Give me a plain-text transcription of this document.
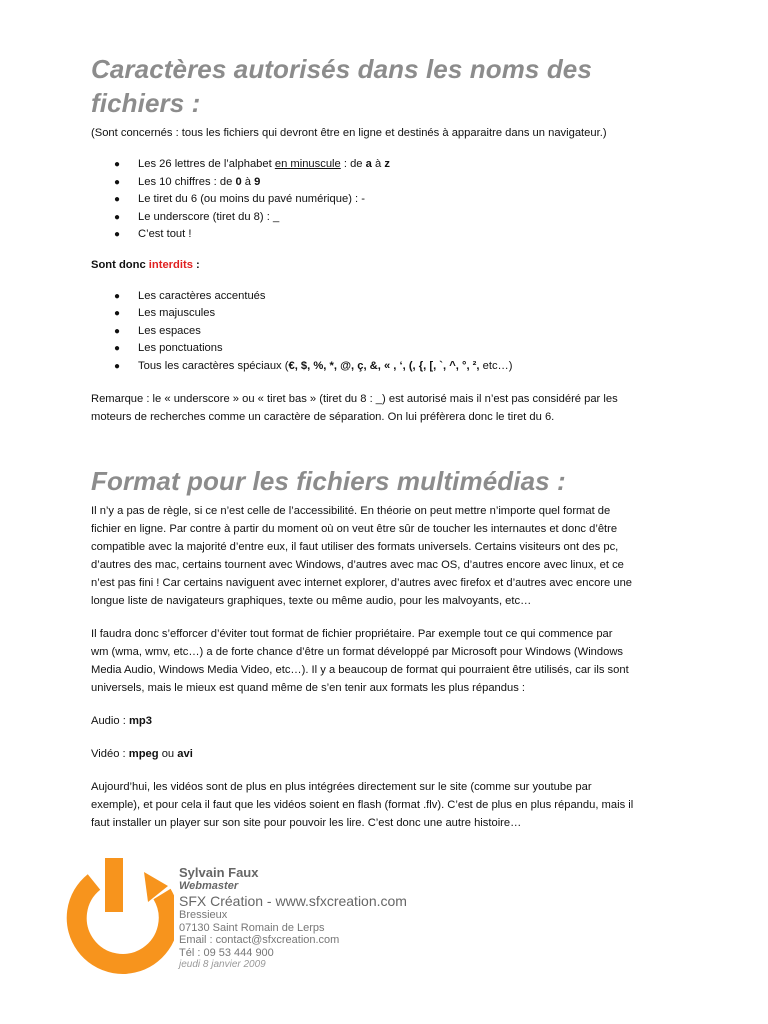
Caractères autorisés dans les noms des fichiers :

(Sont concernés : tous les fichiers qui devront être en ligne et destinés à apparaitre dans un navigateur.)

● Les 26 lettres de l’alphabet en minuscule : de a à z
● Les 10 chiffres : de 0 à 9
● Le tiret du 6 (ou moins du pavé numérique) : -
● Le underscore (tiret du 8) : _
● C’est tout !

Sont donc interdits :

● Les caractères accentués
● Les majuscules
● Les espaces
● Les ponctuations
● Tous les caractères spéciaux (€, $, %, *, @, ç, &, « , ‘, (, {, [, `, ^, °, ², etc…)

Remarque : le « underscore » ou « tiret bas » (tiret du 8 : _) est autorisé mais il n’est pas considéré par les
moteurs de recherches comme un caractère de séparation. On lui préfèrera donc le tiret du 6.

Format pour les fichiers multimédias :

Il n’y a pas de règle, si ce n’est celle de l’accessibilité. En théorie on peut mettre n’importe quel format de
fichier en ligne. Par contre à partir du moment où on veut être sûr de toucher les internautes et donc d’être
compatible avec la majorité d’entre eux, il faut utiliser des formats universels. Certains visiteurs ont des pc,
d’autres des mac, certains tournent avec Windows, d’autres avec mac OS, d’autres encore avec linux, et ce
n’est pas fini ! Car certains naviguent avec internet explorer, d’autres avec firefox et d’autres avec encore une
longue liste de navigateurs graphiques, texte ou même audio, pour les malvoyants, etc…

Il faudra donc s’efforcer d’éviter tout format de fichier propriétaire. Par exemple tout ce qui commence par
wm (wma, wmv, etc…) a de forte chance d’être un format développé par Microsoft pour Windows (Windows
Media Audio, Windows Media Video, etc…). Il y a beaucoup de format qui pourraient être utilisés, car ils sont
universels, mais le mieux est quand même de s’en tenir aux formats les plus répandus :

Audio : mp3

Vidéo : mpeg ou avi

Aujourd’hui, les vidéos sont de plus en plus intégrées directement sur le site (comme sur youtube par
exemple), et pour cela il faut que les vidéos soient en flash (format .flv). C’est de plus en plus répandu, mais il
faut installer un player sur son site pour pouvoir les lire. C’est donc une autre histoire…

Sylvain Faux
Webmaster
SFX Création - www.sfxcreation.com
Bressieux
07130 Saint Romain de Lerps
Email : contact@sfxcreation.com
Tél : 09 53 444 900
jeudi 8 janvier 2009
